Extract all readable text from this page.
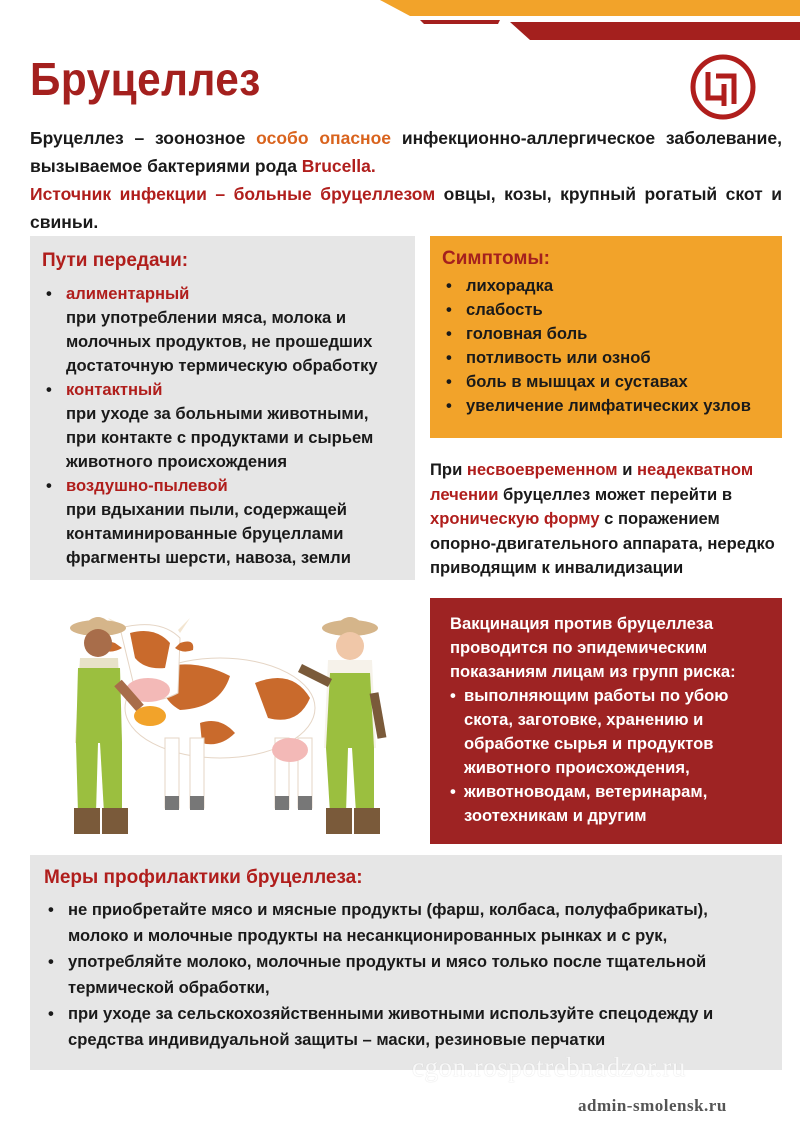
Бруцеллез

Бруцеллез – зоонозное особо опасное инфекционно-аллергическое заболевание, вызываемое бактериями рода Brucella.

Источник инфекции – больные бруцеллезом овцы, козы, крупный рогатый скот и свиньи.

Пути передачи:
• алиментарный
при употреблении мяса, молока и молочных продуктов, не прошедших достаточную термическую обработку
• контактный
при уходе за больными животными, при контакте с продуктами и сырьем животного происхождения
• воздушно-пылевой
при вдыхании пыли, содержащей контаминированные бруцеллами фрагменты шерсти, навоза, земли
Симптомы:
• лихорадка
• слабость
• головная боль
• потливость или озноб
• боль в мышцах и суставах
• увеличение лимфатических узлов
При несвоевременном и неадекватном лечении бруцеллез может перейти в хроническую форму с поражением опорно-двигательного аппарата, нередко приводящим к инвалидизации
Вакцинация против бруцеллеза проводится по эпидемическим показаниям лицам из групп риска:
• выполняющим работы по убою скота, заготовке, хранению и обработке сырья и продуктов животного происхождения,
• животноводам, ветеринарам, зоотехникам и другим
Меры профилактики бруцеллеза:
• не приобретайте мясо и мясные продукты (фарш, колбаса, полуфабрикаты), молоко и молочные продукты на несанкционированных рынках и с рук,
• употребляйте молоко, молочные продукты и мясо только после тщательной термической обработки,
• при уходе за сельскохозяйственными животными используйте спецодежду и средства индивидуальной защиты – маски, резиновые перчатки
cgon.rospotrebnadzor.ru
admin-smolensk.ru
